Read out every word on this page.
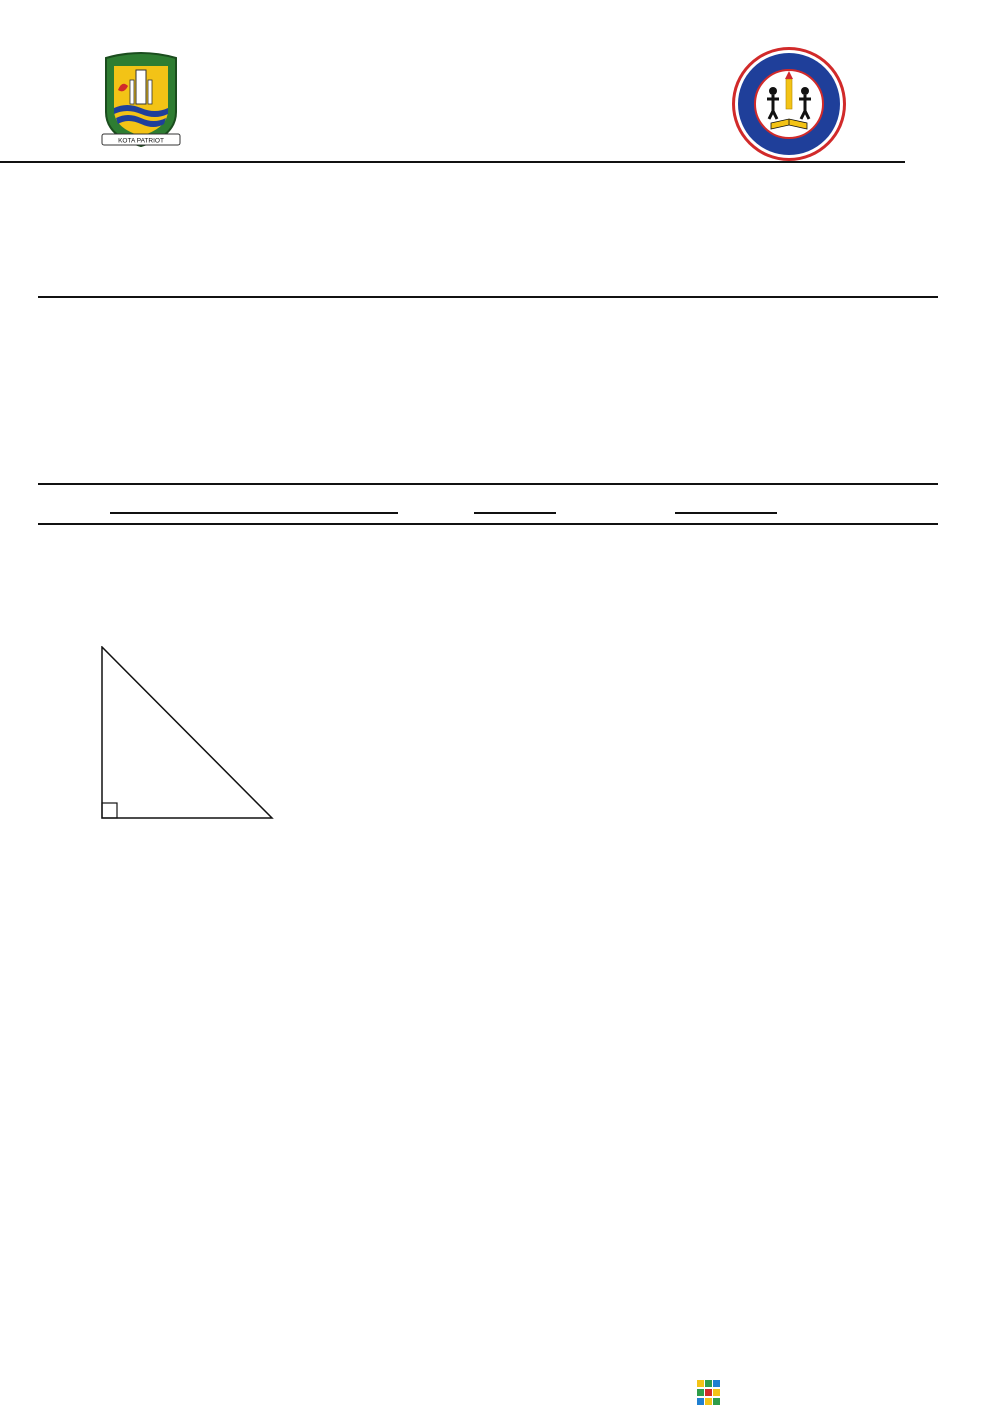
KOTA PATRIOT
